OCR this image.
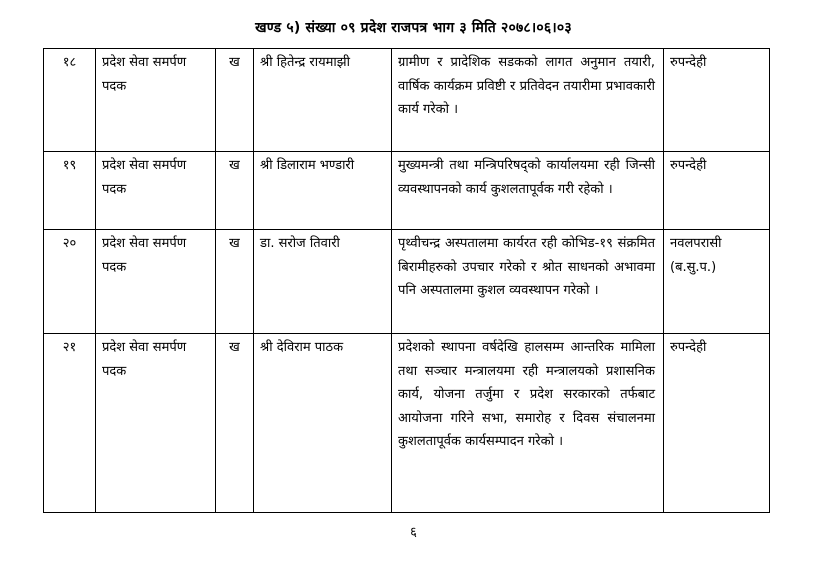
खण्ड ५) संख्या ०९ प्रदेश राजपत्र भाग ३ मिति २०७८।०६।०३
१८	प्रदेश सेवा समर्पण पदक	ख	श्री हितेन्द्र रायमाझी	ग्रामीण र प्रादेशिक सडकको लागत अनुमान तयारी, वार्षिक कार्यक्रम प्रविष्टी र प्रतिवेदन तयारीमा प्रभावकारी कार्य गरेको ।	रुपन्देही
१९	प्रदेश सेवा समर्पण पदक	ख	श्री डिलाराम भण्डारी	मुख्यमन्त्री तथा मन्त्रिपरिषद्को कार्यालयमा रही जिन्सी व्यवस्थापनको कार्य कुशलतापूर्वक गरी रहेको ।	रुपन्देही
२०	प्रदेश सेवा समर्पण पदक	ख	डा. सरोज तिवारी	पृथ्वीचन्द्र अस्पतालमा कार्यरत रही कोभिड-१९ संक्रमित बिरामीहरुको उपचार गरेको र श्रोत साधनको अभावमा पनि अस्पतालमा कुशल व्यवस्थापन गरेको ।	नवलपरासी (ब.सु.प.)
२१	प्रदेश सेवा समर्पण पदक	ख	श्री देविराम पाठक	प्रदेशको स्थापना वर्षदेखि हालसम्म आन्तरिक मामिला तथा सञ्चार मन्त्रालयमा रही मन्त्रालयको प्रशासनिक कार्य, योजना तर्जुमा र प्रदेश सरकारको तर्फबाट आयोजना गरिने सभा, समारोह र दिवस संचालनमा कुशलतापूर्वक कार्यसम्पादन गरेको ।	रुपन्देही
६
